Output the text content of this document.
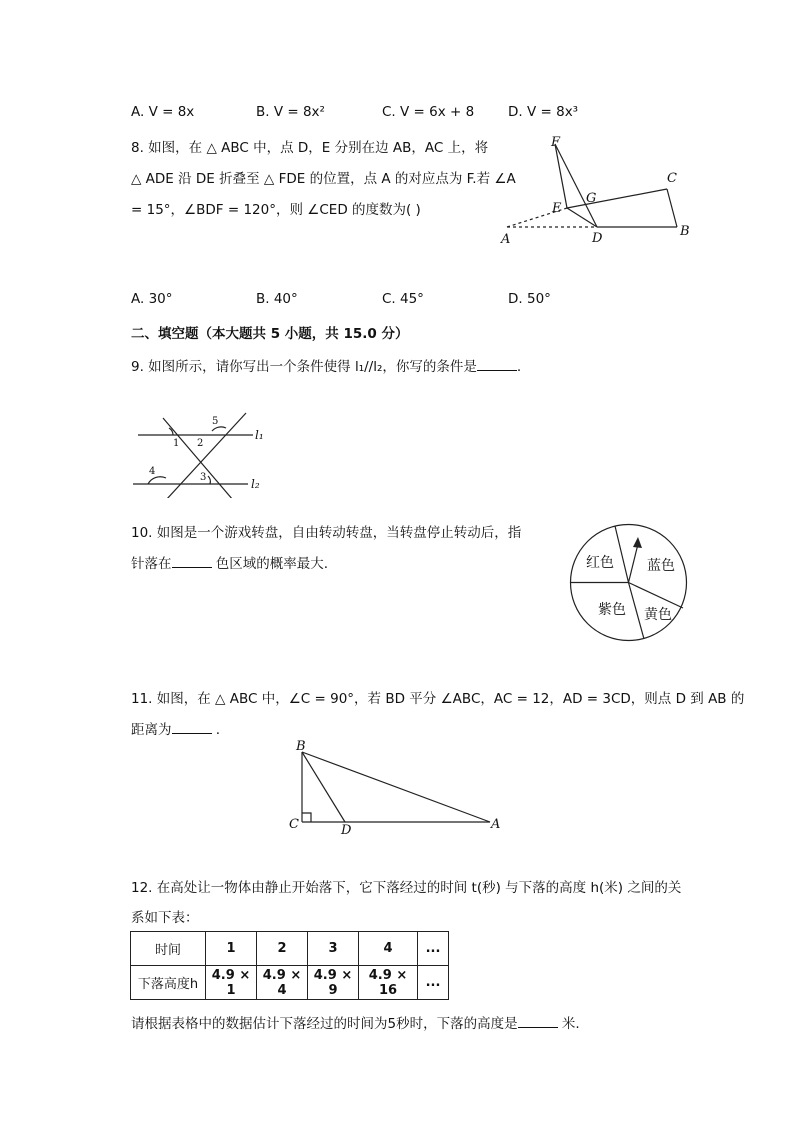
A. V = 8x	B. V = 8x²	C. V = 6x + 8	D. V = 8x³
8. 如图，在 △ ABC 中，点 D，E 分别在边 AB，AC 上，将
△ ADE 沿 DE 折叠至 △ FDE 的位置，点 A 的对应点为 F.若 ∠A
= 15°，∠BDF = 120°，则 ∠CED 的度数为( )
F
G
C
E
A	D	B
A. 30°	B. 40°	C. 45°	D. 50°
二、填空题（本大题共 5 小题，共 15.0 分）
9. 如图所示，请你写出一个条件使得 l₁//l₂，你写的条件是	.
1 2
3
4
5
l₁
l₂
10. 如图是一个游戏转盘，自由转动转盘，当转盘停止转动后，指
针落在	色区域的概率最大.	红色 蓝色
紫色 黄色
11. 如图，在 △ ABC 中，∠C = 90°，若 BD 平分 ∠ABC，AC = 12，AD = 3CD，则点 D 到 AB 的
距离为	.
B
C	D	A
12. 在高处让一物体由静止开始落下，它下落经过的时间 t(秒) 与下落的高度 h(米) 之间的关
系如下表：
时间	1	2	3	4	...
下落高度h	4.9 × 1	4.9 × 4	4.9 × 9	4.9 × 16	...
请根据表格中的数据估计下落经过的时间为5秒时，下落的高度是	米.
